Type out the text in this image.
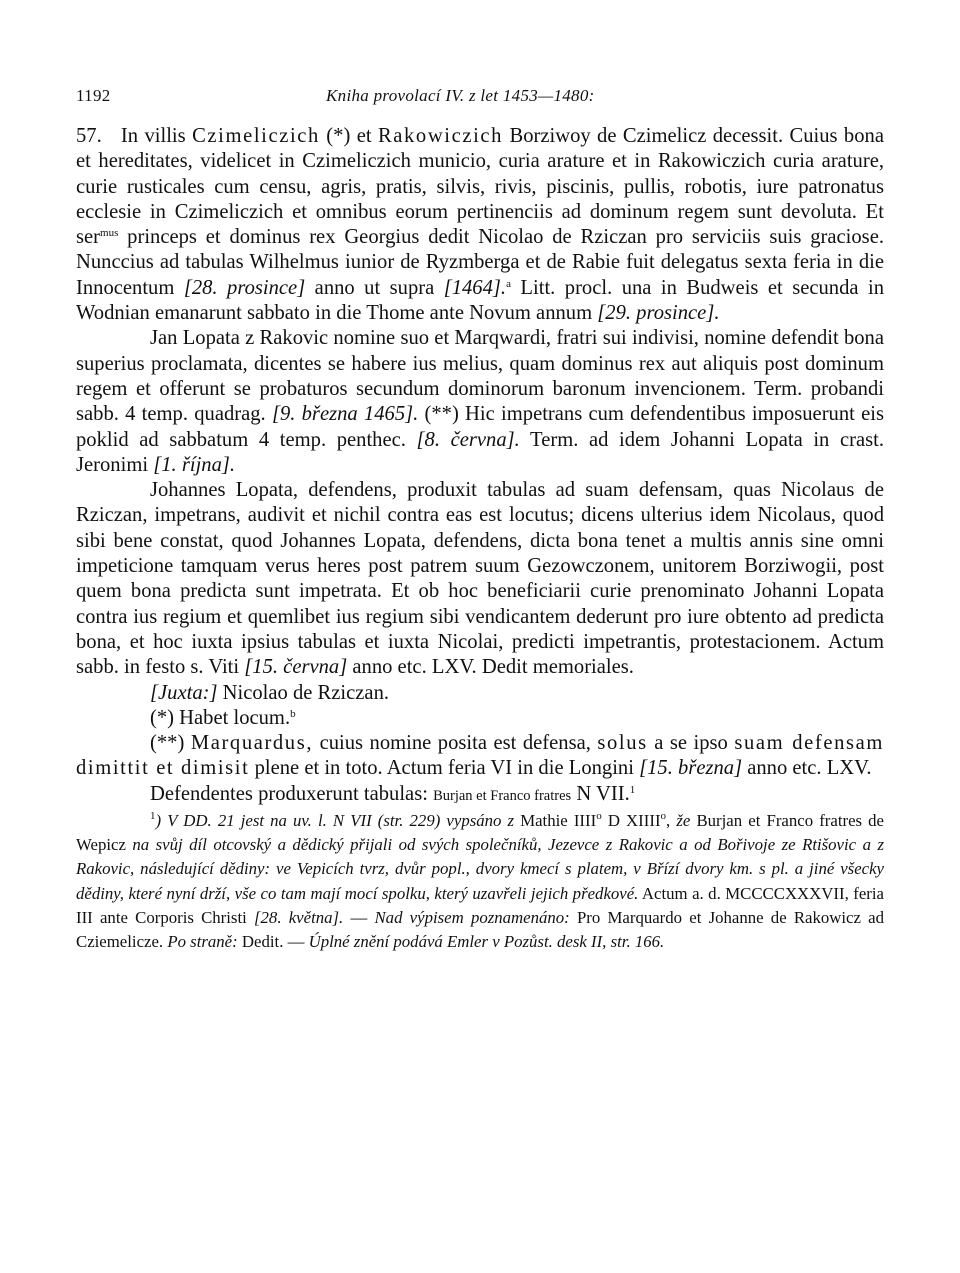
1192	Kniha provolací IV. z let 1453—1480:

57. In villis Czimeliczich (*) et Rakowiczich Borziwoy de Czimelicz decessit. Cuius bona et hereditates, videlicet in Czimeliczich municio, curia arature et in Rakowiczich curia arature, curie rusticales cum censu, agris, pratis, silvis, rivis, piscinis, pullis, robotis, iure patronatus ecclesie in Czimeliczich et omnibus eorum pertinenciis ad dominum regem sunt devoluta. Et ser$^{mus}$ princeps et dominus rex Georgius dedit Nicolao de Rziczan pro serviciis suis graciose. Nunccius ad tabulas Wilhelmus iunior de Ryzmberga et de Rabie fuit delegatus sexta feria in die Innocentum [28. prosince] anno ut supra [1464].$^a$ Litt. procl. una in Budweis et secunda in Wodnian emanarunt sabbato in die Thome ante Novum annum [29. prosince].

Jan Lopata z Rakovic nomine suo et Marqwardi, fratri sui indivisi, nomine defendit bona superius proclamata, dicentes se habere ius melius, quam dominus rex aut aliquis post dominum regem et offerunt se probaturos secundum dominorum baronum invencionem. Term. probandi sabb. 4 temp. quadrag. [9. března 1465]. (**) Hic impetrans cum defendentibus imposuerunt eis poklid ad sabbatum 4 temp. penthec. [8. června]. Term. ad idem Johanni Lopata in crast. Jeronimi [1. října].

Johannes Lopata, defendens, produxit tabulas ad suam defensam, quas Nicolaus de Rziczan, impetrans, audivit et nichil contra eas est locutus; dicens ulterius idem Nicolaus, quod sibi bene constat, quod Johannes Lopata, defendens, dicta bona tenet a multis annis sine omni impeticione tamquam verus heres post patrem suum Gezowczonem, unitorem Borziwogii, post quem bona predicta sunt impetrata. Et ob hoc beneficiarii curie prenominato Johanni Lopata contra ius regium et quemlibet ius regium sibi vendicantem dederunt pro iure obtento ad predicta bona, et hoc iuxta ipsius tabulas et iuxta Nicolai, predicti impetrantis, protestacionem. Actum sabb. in festo s. Viti [15. června] anno etc. LXV. Dedit memoriales.

[Juxta:] Nicolao de Rziczan.

(*) Habet locum.$^b$

(**) Marquardus, cuius nomine posita est defensa, solus a se ipso suam defensam dimittit et dimisit plene et in toto. Actum feria VI in die Longini [15. března] anno etc. LXV.

Defendentes produxerunt tabulas: Burjan et Franco fratres N VII.$^1$

$^1$) V DD. 21 jest na uv. l. N VII (str. 229) vypsáno z Mathie IIII$^o$ D XIIII$^o$, že Burjan et Franco fratres de Wepicz na svůj díl otcovský a dědický přijali od svých společníků, Jezevce z Rakovic a od Bořivoje ze Rtišovic a z Rakovic, následující dědiny: ve Vepicích tvrz, dvůr popl., dvory kmecí s platem, v Břízí dvory km. s pl. a jiné všecky dědiny, které nyní drží, vše co tam mají mocí spolku, který uzavřeli jejich předkové. Actum a. d. MCCCCXXXVII, feria III ante Corporis Christi [28. května]. — Nad výpisem poznamenáno: Pro Marquardo et Johanne de Rakowicz ad Cziemelicze. Po straně: Dedit. — Úplné znění podává Emler v Pozůst. desk II, str. 166.
